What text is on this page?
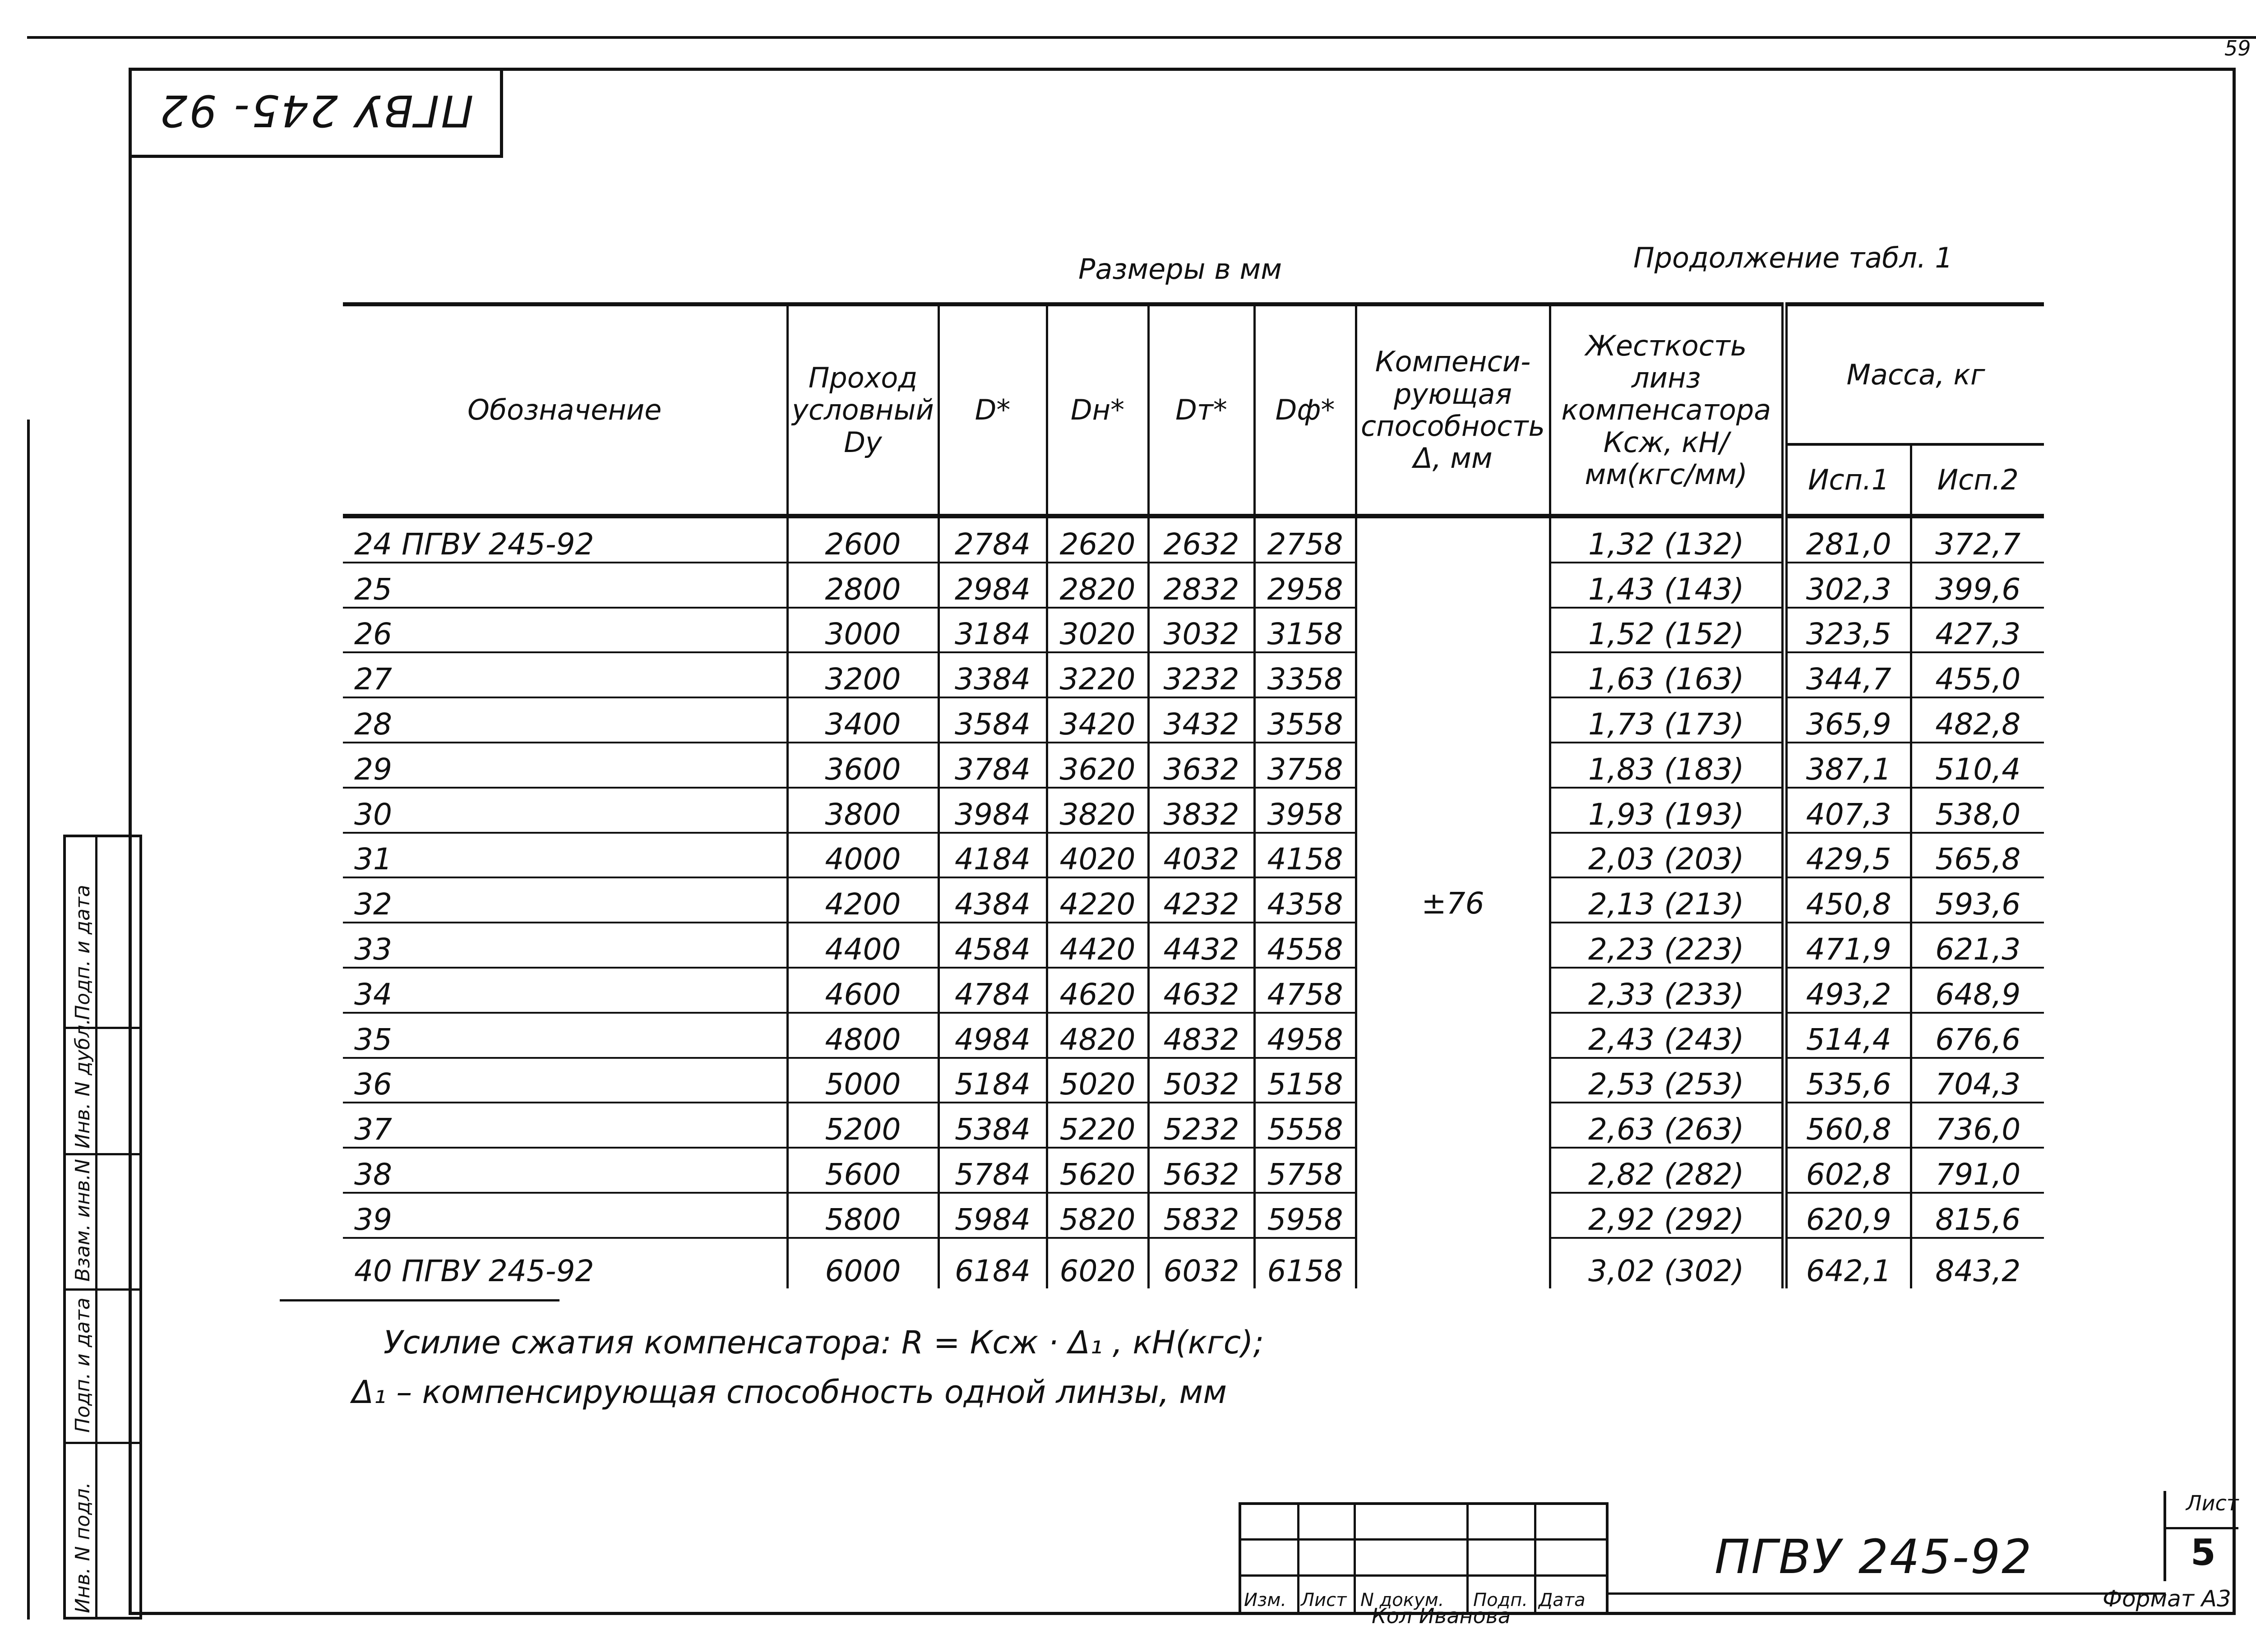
59
ПГВУ 245- 92
Инв. N подл.
Подп. и дата
Взам. инв.N
Инв. N дубл.
Подп. и дата
Размеры в мм	Продолжение табл. 1
Обозначение	Проход условный Dy	D*	Dн*	Dт*	Dф*	Компенси- рующая способность Δ, мм	Жесткость линз компенсатора Ксж, кН/мм(кгс/мм)	Масса, кг	
								Исп.1	Исп.2
24 ПГВУ 245-92	2600	2784	2620	2632	2758	±76	1,32 (132)	281,0	372,7
25	2800	2984	2820	2832	2958		1,43 (143)	302,3	399,6
26	3000	3184	3020	3032	3158		1,52 (152)	323,5	427,3
27	3200	3384	3220	3232	3358		1,63 (163)	344,7	455,0
28	3400	3584	3420	3432	3558		1,73 (173)	365,9	482,8
29	3600	3784	3620	3632	3758		1,83 (183)	387,1	510,4
30	3800	3984	3820	3832	3958		1,93 (193)	407,3	538,0
31	4000	4184	4020	4032	4158		2,03 (203)	429,5	565,8
32	4200	4384	4220	4232	4358		2,13 (213)	450,8	593,6
33	4400	4584	4420	4432	4558		2,23 (223)	471,9	621,3
34	4600	4784	4620	4632	4758		2,33 (233)	493,2	648,9
35	4800	4984	4820	4832	4958		2,43 (243)	514,4	676,6
36	5000	5184	5020	5032	5158		2,53 (253)	535,6	704,3
37	5200	5384	5220	5232	5558		2,63 (263)	560,8	736,0
38	5600	5784	5620	5632	5758		2,82 (282)	602,8	791,0
39	5800	5984	5820	5832	5958		2,92 (292)	620,9	815,6
40 ПГВУ 245-92	6000	6184	6020	6032	6158		3,02 (302)	642,1	843,2
Усилие сжатия компенсатора: R = Ксж · Δ₁ , кН(кгс);
Δ₁ – компенсирующая способность одной линзы, мм
Изм. Лист N докум. Подп. Дата
ПГВУ 245-92
Лист
5
Формат А3
Кол Иванова
